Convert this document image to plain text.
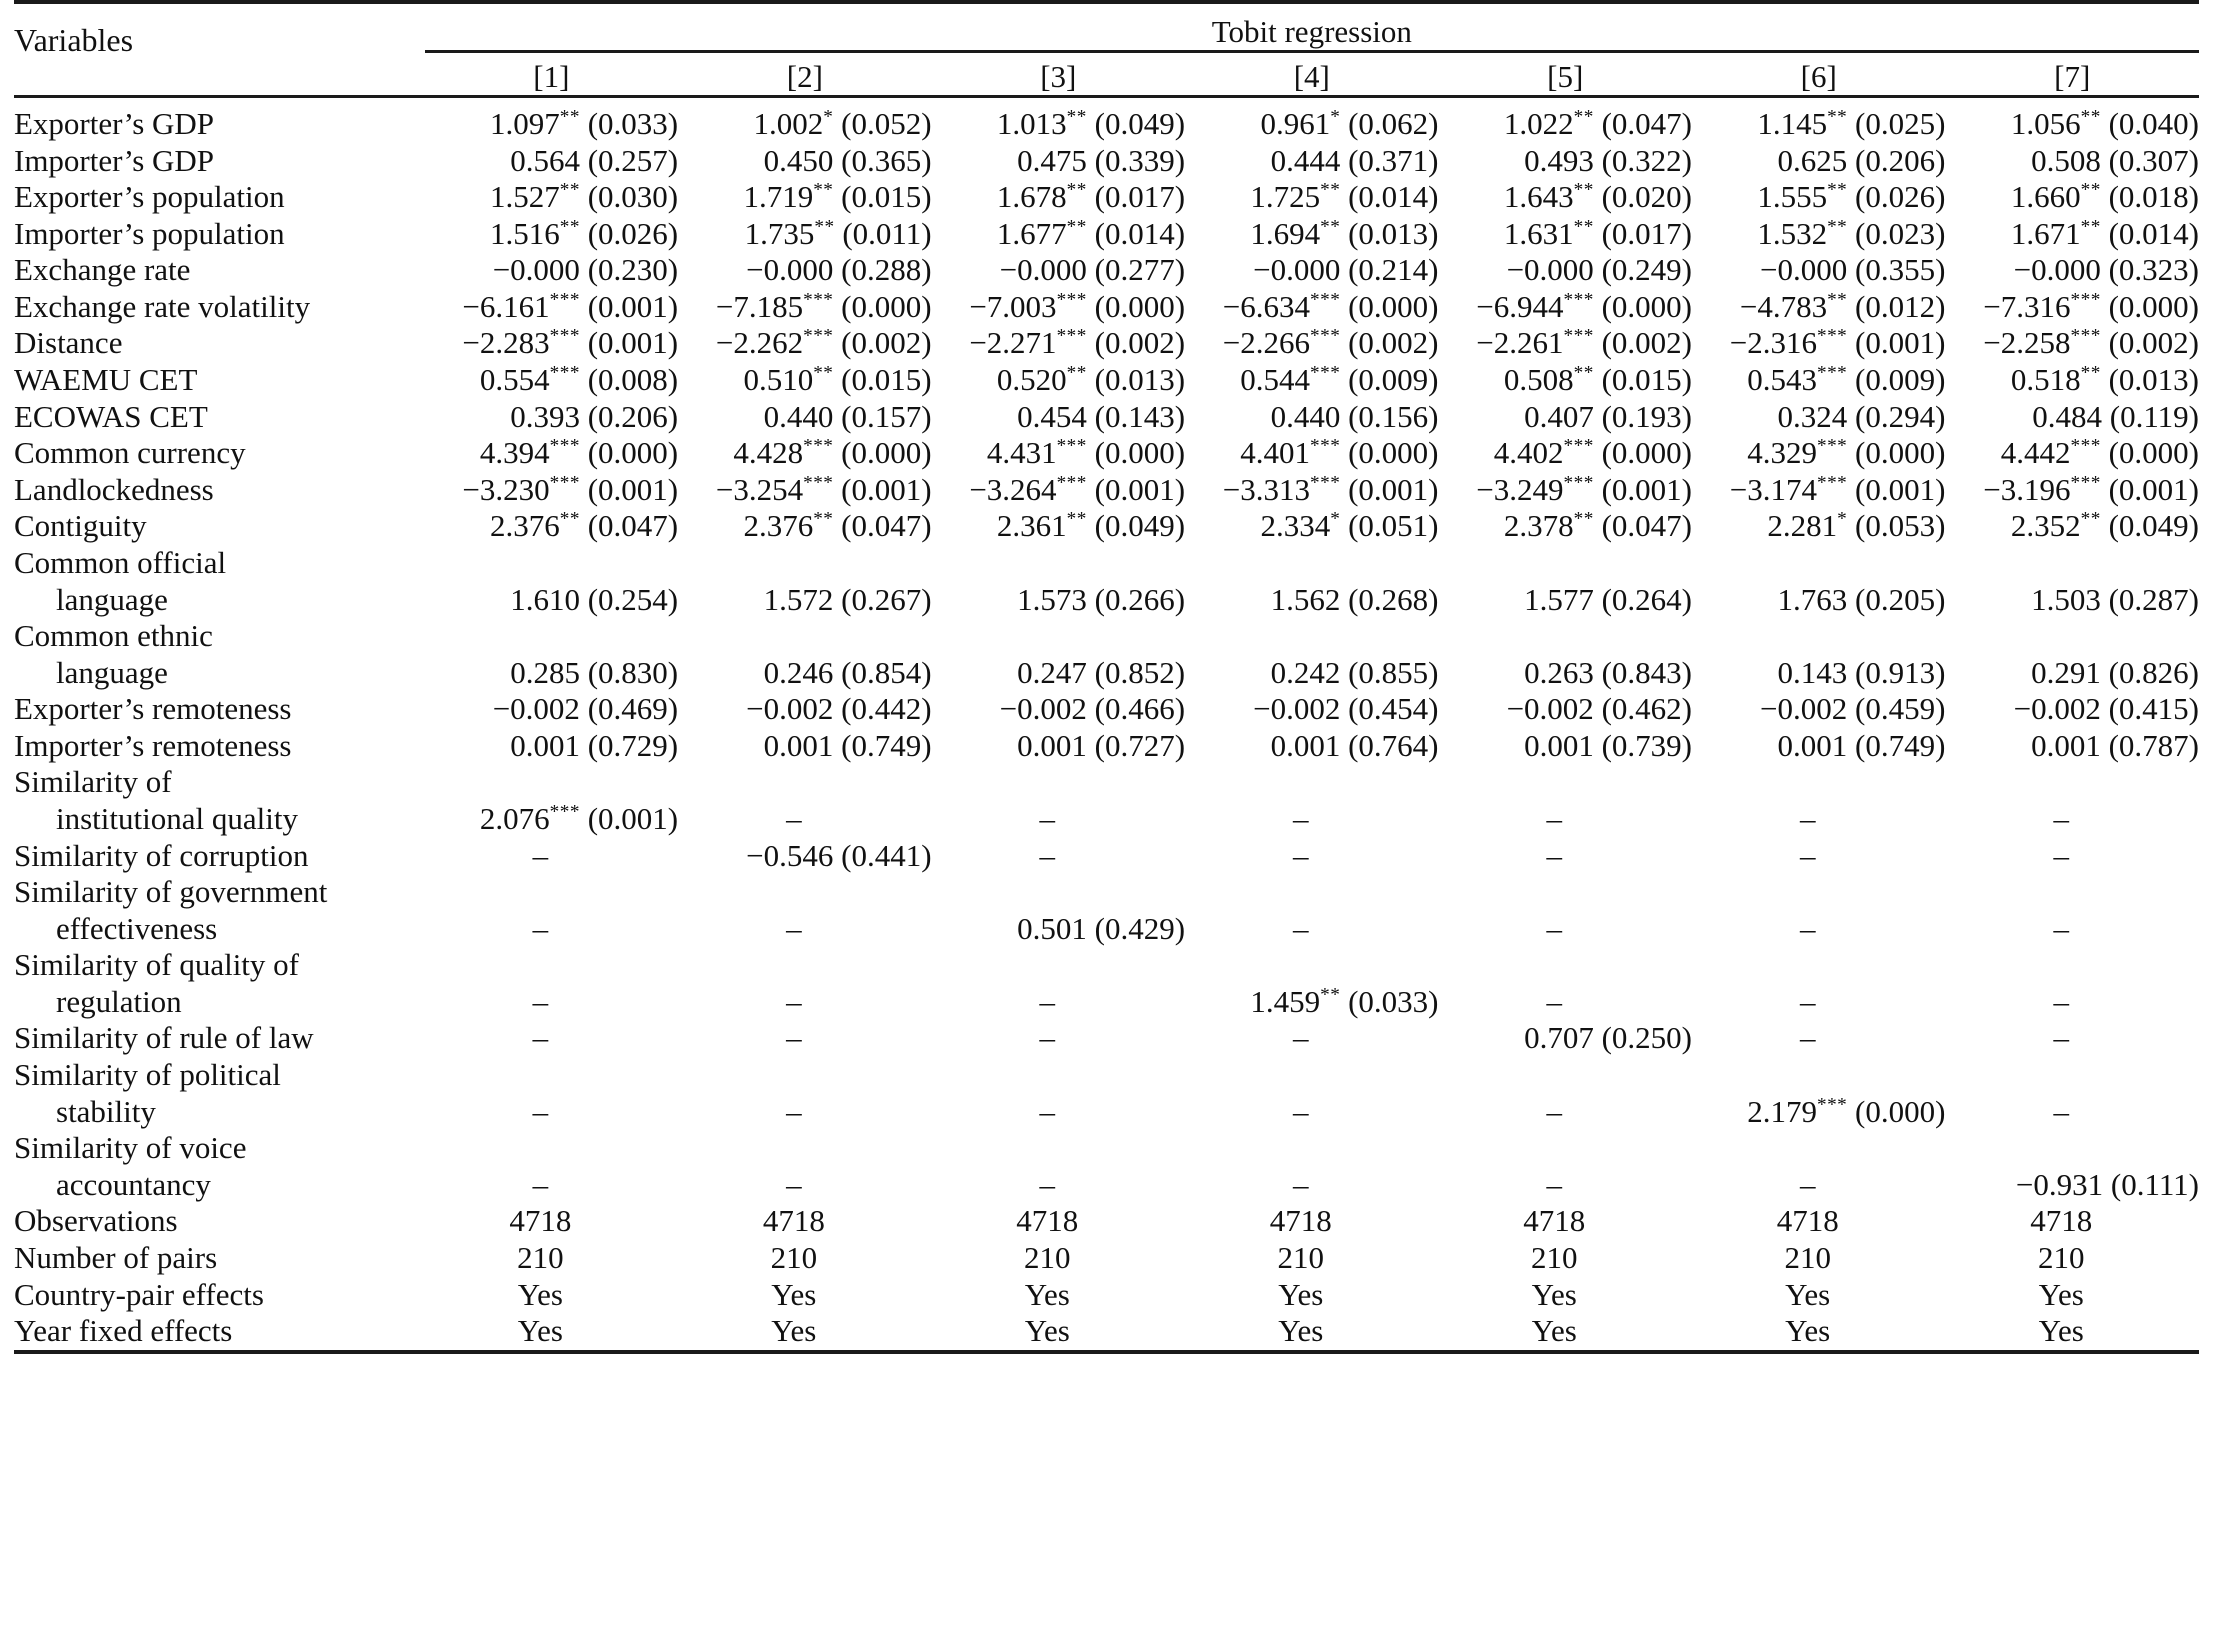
Variables	Tobit regression						

	[1]	[2]	[3]	[4]	[5]	[6]	[7]

Exporter’s GDP	1.097** (0.033)	1.002* (0.052)	1.013** (0.049)	0.961* (0.062)	1.022** (0.047)	1.145** (0.025)	1.056** (0.040)
Importer’s GDP	0.564 (0.257)	0.450 (0.365)	0.475 (0.339)	0.444 (0.371)	0.493 (0.322)	0.625 (0.206)	0.508 (0.307)
Exporter’s population	1.527** (0.030)	1.719** (0.015)	1.678** (0.017)	1.725** (0.014)	1.643** (0.020)	1.555** (0.026)	1.660** (0.018)
Importer’s population	1.516** (0.026)	1.735** (0.011)	1.677** (0.014)	1.694** (0.013)	1.631** (0.017)	1.532** (0.023)	1.671** (0.014)
Exchange rate	−0.000 (0.230)	−0.000 (0.288)	−0.000 (0.277)	−0.000 (0.214)	−0.000 (0.249)	−0.000 (0.355)	−0.000 (0.323)
Exchange rate volatility	−6.161*** (0.001)	−7.185*** (0.000)	−7.003*** (0.000)	−6.634*** (0.000)	−6.944*** (0.000)	−4.783** (0.012)	−7.316*** (0.000)
Distance	−2.283*** (0.001)	−2.262*** (0.002)	−2.271*** (0.002)	−2.266*** (0.002)	−2.261*** (0.002)	−2.316*** (0.001)	−2.258*** (0.002)
WAEMU CET	0.554*** (0.008)	0.510** (0.015)	0.520** (0.013)	0.544*** (0.009)	0.508** (0.015)	0.543*** (0.009)	0.518** (0.013)
ECOWAS CET	0.393 (0.206)	0.440 (0.157)	0.454 (0.143)	0.440 (0.156)	0.407 (0.193)	0.324 (0.294)	0.484 (0.119)
Common currency	4.394*** (0.000)	4.428*** (0.000)	4.431*** (0.000)	4.401*** (0.000)	4.402*** (0.000)	4.329*** (0.000)	4.442*** (0.000)
Landlockedness	−3.230*** (0.001)	−3.254*** (0.001)	−3.264*** (0.001)	−3.313*** (0.001)	−3.249*** (0.001)	−3.174*** (0.001)	−3.196*** (0.001)
Contiguity	2.376** (0.047)	2.376** (0.047)	2.361** (0.049)	2.334* (0.051)	2.378** (0.047)	2.281* (0.053)	2.352** (0.049)
Common official
language	1.610 (0.254)	1.572 (0.267)	1.573 (0.266)	1.562 (0.268)	1.577 (0.264)	1.763 (0.205)	1.503 (0.287)
Common ethnic
language	0.285 (0.830)	0.246 (0.854)	0.247 (0.852)	0.242 (0.855)	0.263 (0.843)	0.143 (0.913)	0.291 (0.826)
Exporter’s remoteness	−0.002 (0.469)	−0.002 (0.442)	−0.002 (0.466)	−0.002 (0.454)	−0.002 (0.462)	−0.002 (0.459)	−0.002 (0.415)
Importer’s remoteness	0.001 (0.729)	0.001 (0.749)	0.001 (0.727)	0.001 (0.764)	0.001 (0.739)	0.001 (0.749)	0.001 (0.787)
Similarity of
institutional quality	2.076*** (0.001)	–	–	–	–	–	–
Similarity of corruption	–	−0.546 (0.441)	–	–	–	–	–
Similarity of government
effectiveness	–	–	0.501 (0.429)	–	–	–	–
Similarity of quality of
regulation	–	–	–	1.459** (0.033)	–	–	–
Similarity of rule of law	–	–	–	–	0.707 (0.250)	–	–
Similarity of political
stability	–	–	–	–	–	2.179*** (0.000)	–
Similarity of voice
accountancy	–	–	–	–	–	–	−0.931 (0.111)
Observations	4718	4718	4718	4718	4718	4718	4718
Number of pairs	210	210	210	210	210	210	210
Country-pair effects	Yes	Yes	Yes	Yes	Yes	Yes	Yes
Year fixed effects	Yes	Yes	Yes	Yes	Yes	Yes	Yes
